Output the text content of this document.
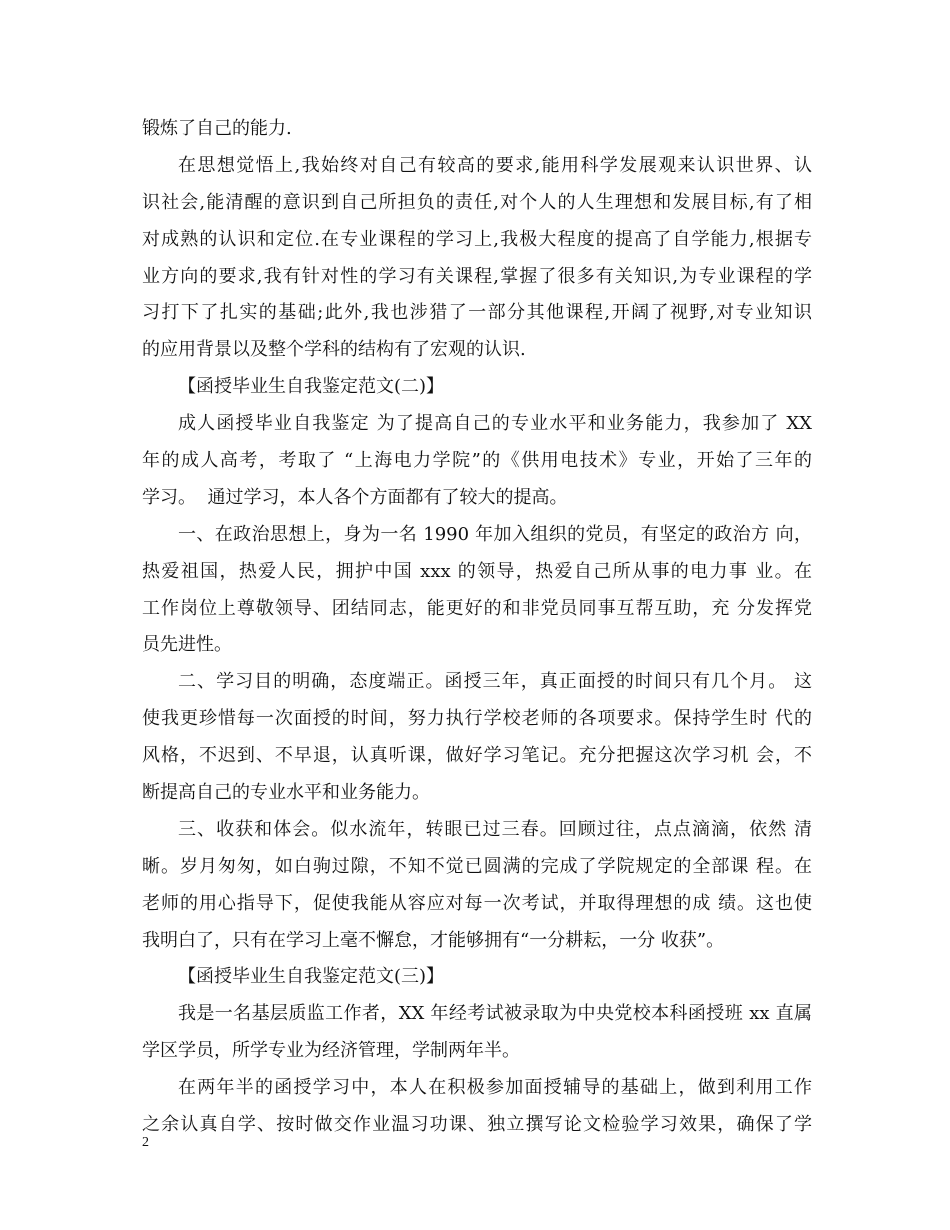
锻炼了自己的能力.
在思想觉悟上,我始终对自己有较高的要求,能用科学发展观来认识世界、认
识社会,能清醒的意识到自己所担负的责任,对个人的人生理想和发展目标,有了相
对成熟的认识和定位.在专业课程的学习上,我极大程度的提高了自学能力,根据专
业方向的要求,我有针对性的学习有关课程,掌握了很多有关知识,为专业课程的学
习打下了扎实的基础;此外,我也涉猎了一部分其他课程,开阔了视野,对专业知识
的应用背景以及整个学科的结构有了宏观的认识.
【函授毕业生自我鉴定范文(二)】
成人函授毕业自我鉴定 为了提高自己的专业水平和业务能力，我参加了 XX
年的成人高考，考取了 “上海电力学院”的《供用电技术》专业，开始了三年的
学习。  通过学习，本人各个方面都有了较大的提高。
一、在政治思想上，身为一名 1990 年加入组织的党员，有坚定的政治方 向，
热爱祖国，热爱人民，拥护中国 xxx 的领导，热爱自己所从事的电力事 业。在
工作岗位上尊敬领导、团结同志，能更好的和非党员同事互帮互助，充 分发挥党
员先进性。
二、学习目的明确，态度端正。函授三年，真正面授的时间只有几个月。 这
使我更珍惜每一次面授的时间，努力执行学校老师的各项要求。保持学生时 代的
风格，不迟到、不早退，认真听课，做好学习笔记。充分把握这次学习机 会，不
断提高自己的专业水平和业务能力。
三、收获和体会。似水流年，转眼已过三春。回顾过往，点点滴滴，依然 清
晰。岁月匆匆，如白驹过隙，不知不觉已圆满的完成了学院规定的全部课 程。在
老师的用心指导下，促使我能从容应对每一次考试，并取得理想的成 绩。这也使
我明白了，只有在学习上毫不懈怠，才能够拥有“一分耕耘，一分 收获”。
【函授毕业生自我鉴定范文(三)】
我是一名基层质监工作者，XX 年经考试被录取为中央党校本科函授班 xx 直属
学区学员，所学专业为经济管理，学制两年半。
在两年半的函授学习中，本人在积极参加面授辅导的基础上，做到利用工作
之余认真自学、按时做交作业温习功课、独立撰写论文检验学习效果，确保了学
2
